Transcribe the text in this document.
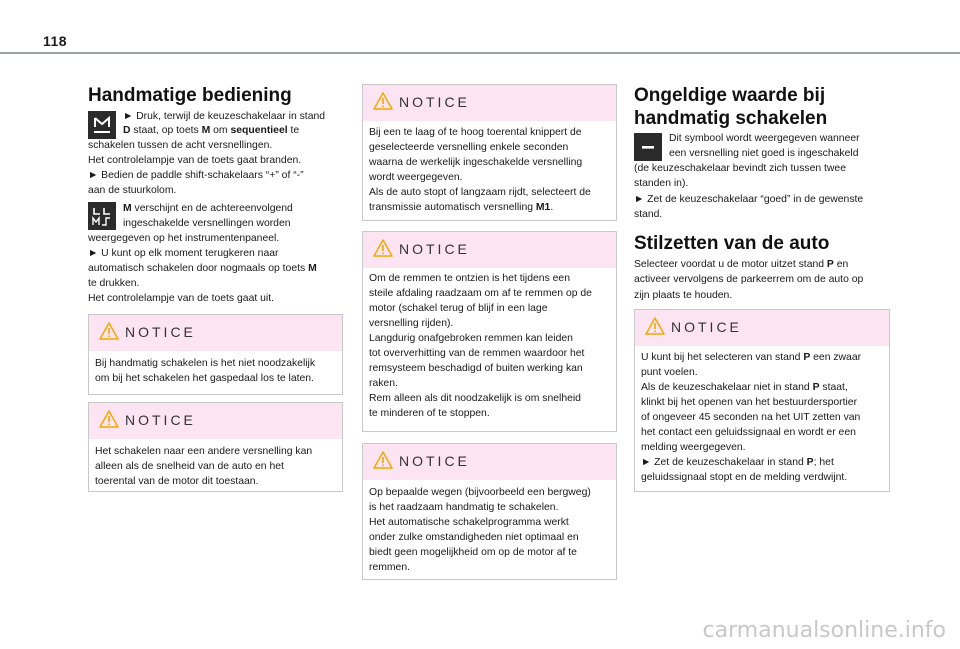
118
Handmatige bediening
► Druk, terwijl de keuzeschakelaar in stand
D staat, op toets M om sequentieel te
schakelen tussen de acht versnellingen.
Het controlelampje van de toets gaat branden.
► Bedien de paddle shift-schakelaars “+” of “-”
aan de stuurkolom.
M verschijnt en de achtereenvolgend
ingeschakelde versnellingen worden
weergegeven op het instrumentenpaneel.
► U kunt op elk moment terugkeren naar
automatisch schakelen door nogmaals op toets M
te drukken.
Het controlelampje van de toets gaat uit.
NOTICE
Bij handmatig schakelen is het niet noodzakelijk
om bij het schakelen het gaspedaal los te laten.
NOTICE
Het schakelen naar een andere versnelling kan
alleen als de snelheid van de auto en het
toerental van de motor dit toestaan.
NOTICE
Bij een te laag of te hoog toerental knippert de
geselecteerde versnelling enkele seconden
waarna de werkelijk ingeschakelde versnelling
wordt weergegeven.
Als de auto stopt of langzaam rijdt, selecteert de
transmissie automatisch versnelling M1.
NOTICE
Om de remmen te ontzien is het tijdens een
steile afdaling raadzaam om af te remmen op de
motor (schakel terug of blijf in een lage
versnelling rijden).
Langdurig onafgebroken remmen kan leiden
tot oververhitting van de remmen waardoor het
remsysteem beschadigd of buiten werking kan
raken.
Rem alleen als dit noodzakelijk is om snelheid
te minderen of te stoppen.
NOTICE
Op bepaalde wegen (bijvoorbeeld een bergweg)
is het raadzaam handmatig te schakelen.
Het automatische schakelprogramma werkt
onder zulke omstandigheden niet optimaal en
biedt geen mogelijkheid om op de motor af te
remmen.
Ongeldige waarde bij
handmatig schakelen
Dit symbool wordt weergegeven wanneer
een versnelling niet goed is ingeschakeld
(de keuzeschakelaar bevindt zich tussen twee
standen in).
► Zet de keuzeschakelaar “goed” in de gewenste
stand.
Stilzetten van de auto
Selecteer voordat u de motor uitzet stand P en
activeer vervolgens de parkeerrem om de auto op
zijn plaats te houden.
NOTICE
U kunt bij het selecteren van stand P een zwaar
punt voelen.
Als de keuzeschakelaar niet in stand P staat,
klinkt bij het openen van het bestuurdersportier
of ongeveer 45 seconden na het UIT zetten van
het contact een geluidssignaal en wordt er een
melding weergegeven.
► Zet de keuzeschakelaar in stand P; het
geluidssignaal stopt en de melding verdwijnt.
carmanualsonline.info
